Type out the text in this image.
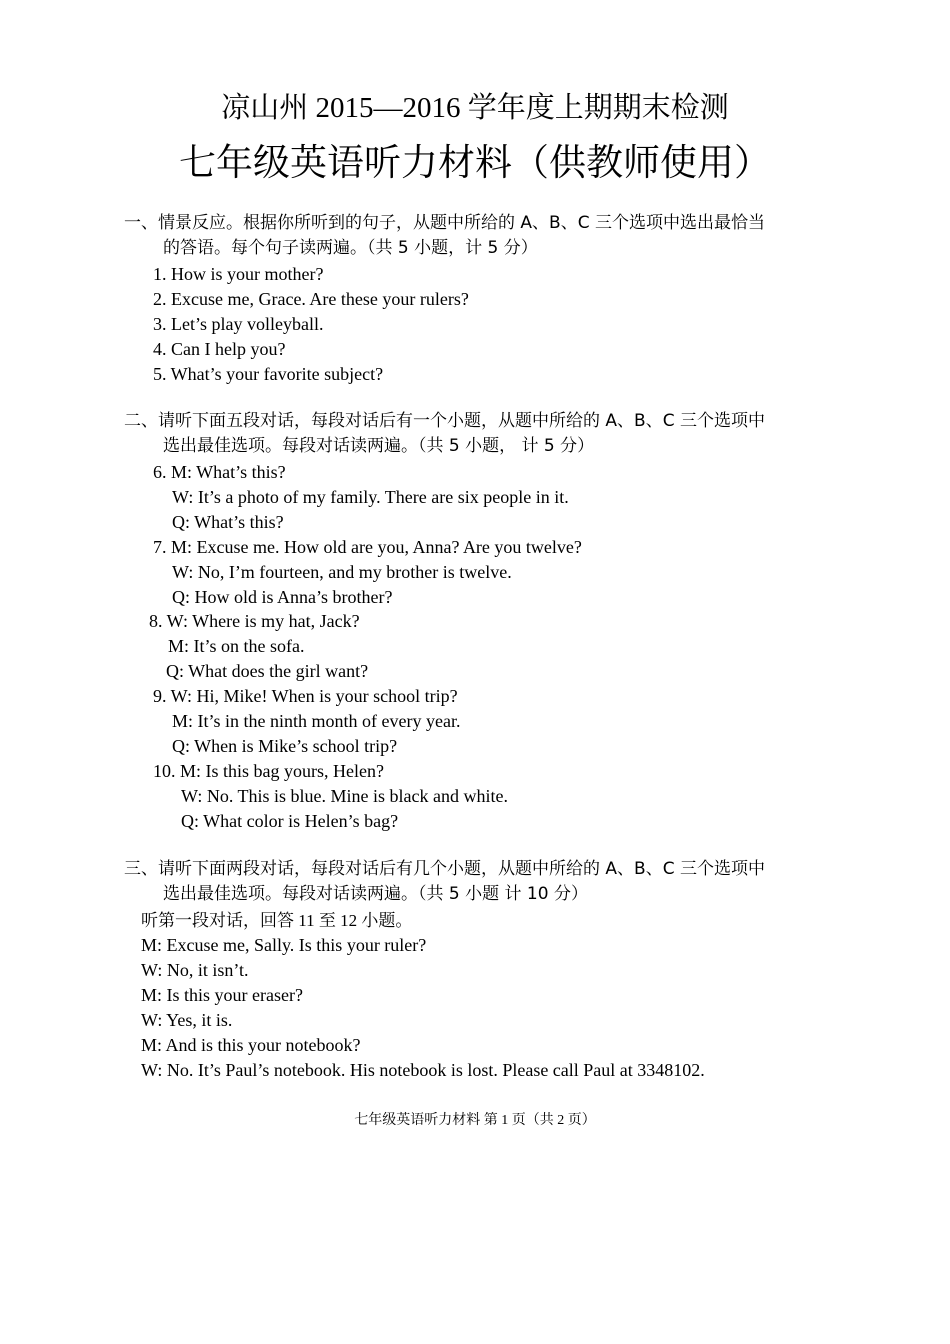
凉山州 2015—2016 学年度上期期末检测
七年级英语听力材料（供教师使用）
一、情景反应。根据你所听到的句子，从题中所给的 A、B、C 三个选项中选出最恰当
的答语。每个句子读两遍。（共 5 小题，计 5 分）
1. How is your mother?
2. Excuse me, Grace. Are these your rulers?
3. Let’s play volleyball.
4. Can I help you?
5. What’s your favorite subject?
二、请听下面五段对话，每段对话后有一个小题，从题中所给的 A、B、C 三个选项中
选出最佳选项。每段对话读两遍。（共 5 小题， 计 5 分）
6. M: What’s this?
W: It’s a photo of my family. There are six people in it.
Q: What’s this?
7. M: Excuse me. How old are you, Anna? Are you twelve?
W: No, I’m fourteen, and my brother is twelve.
Q: How old is Anna’s brother?
8. W: Where is my hat, Jack?
M: It’s on the sofa.
Q: What does the girl want?
9. W: Hi, Mike! When is your school trip?
M: It’s in the ninth month of every year.
Q: When is Mike’s school trip?
10. M: Is this bag yours, Helen?
W: No. This is blue. Mine is black and white.
Q: What color is Helen’s bag?
三、请听下面两段对话，每段对话后有几个小题，从题中所给的 A、B、C 三个选项中
选出最佳选项。每段对话读两遍。（共 5 小题 计 10 分）
听第一段对话，回答 11 至 12 小题。
M: Excuse me, Sally. Is this your ruler?
W: No, it isn’t.
M: Is this your eraser?
W: Yes, it is.
M: And is this your notebook?
W: No. It’s Paul’s notebook. His notebook is lost. Please call Paul at 3348102.
七年级英语听力材料 第 1 页（共 2 页）
